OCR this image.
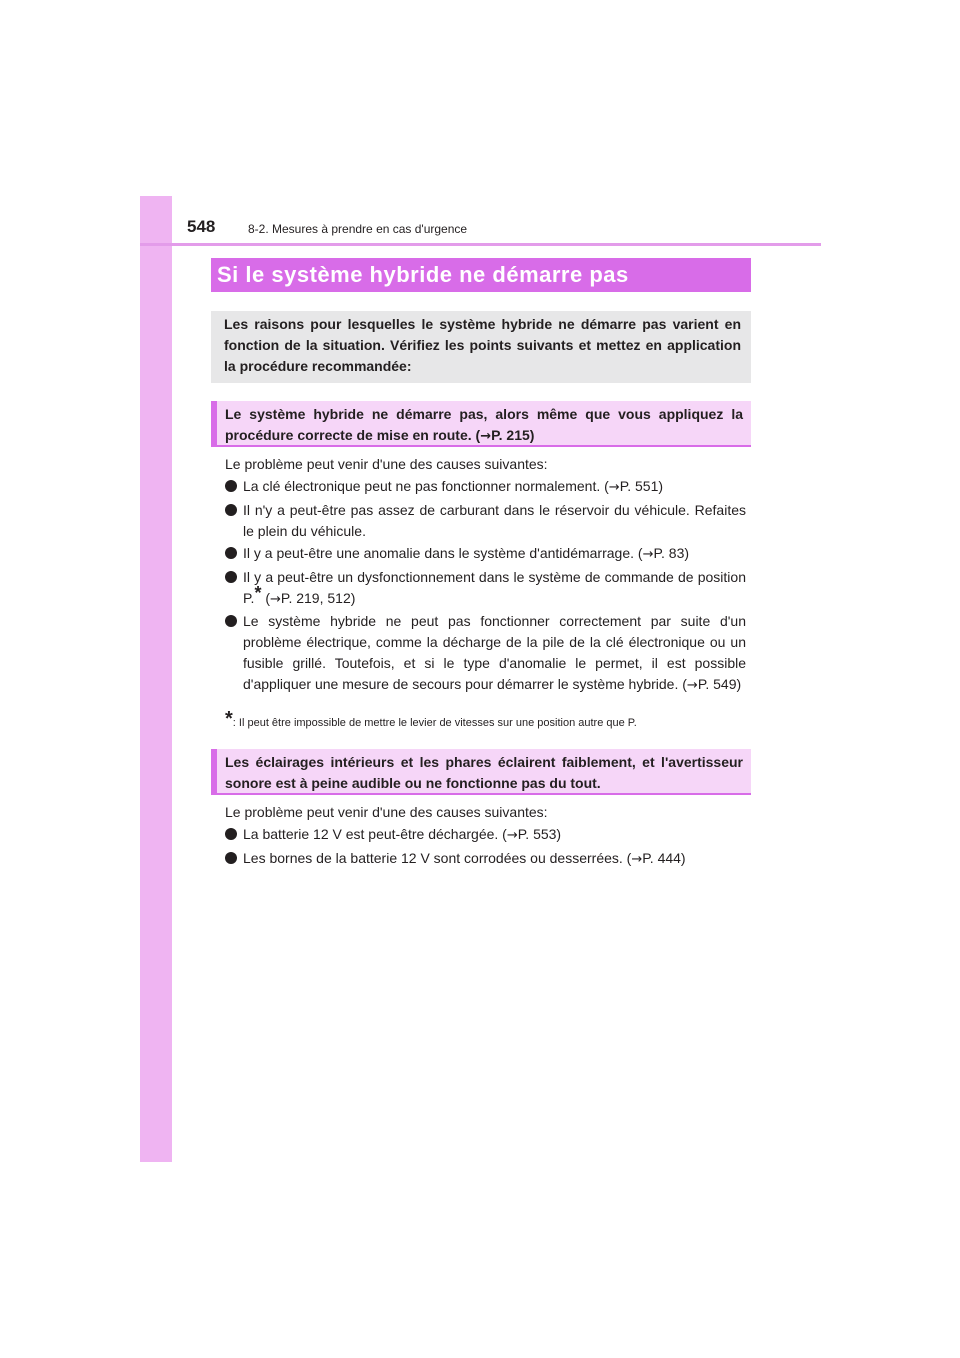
548	8-2. Mesures à prendre en cas d'urgence
Si le système hybride ne démarre pas
Les raisons pour lesquelles le système hybride ne démarre pas varient en fonction de la situation. Vérifiez les points suivants et mettez en application la procédure recommandée:
Le système hybride ne démarre pas, alors même que vous appliquez la procédure correcte de mise en route. (→P. 215)
Le problème peut venir d'une des causes suivantes:
La clé électronique peut ne pas fonctionner normalement. (→P. 551)
Il n'y a peut-être pas assez de carburant dans le réservoir du véhicule. Refaites le plein du véhicule.
Il y a peut-être une anomalie dans le système d'antidémarrage. (→P. 83)
Il y a peut-être un dysfonctionnement dans le système de commande de position P.* (→P. 219, 512)
Le système hybride ne peut pas fonctionner correctement par suite d'un problème électrique, comme la décharge de la pile de la clé électronique ou un fusible grillé. Toutefois, et si le type d'anomalie le permet, il est possible d'appliquer une mesure de secours pour démarrer le système hybride. (→P. 549)
*: Il peut être impossible de mettre le levier de vitesses sur une position autre que P.
Les éclairages intérieurs et les phares éclairent faiblement, et l'avertisseur sonore est à peine audible ou ne fonctionne pas du tout.
Le problème peut venir d'une des causes suivantes:
La batterie 12 V est peut-être déchargée. (→P. 553)
Les bornes de la batterie 12 V sont corrodées ou desserrées. (→P. 444)
